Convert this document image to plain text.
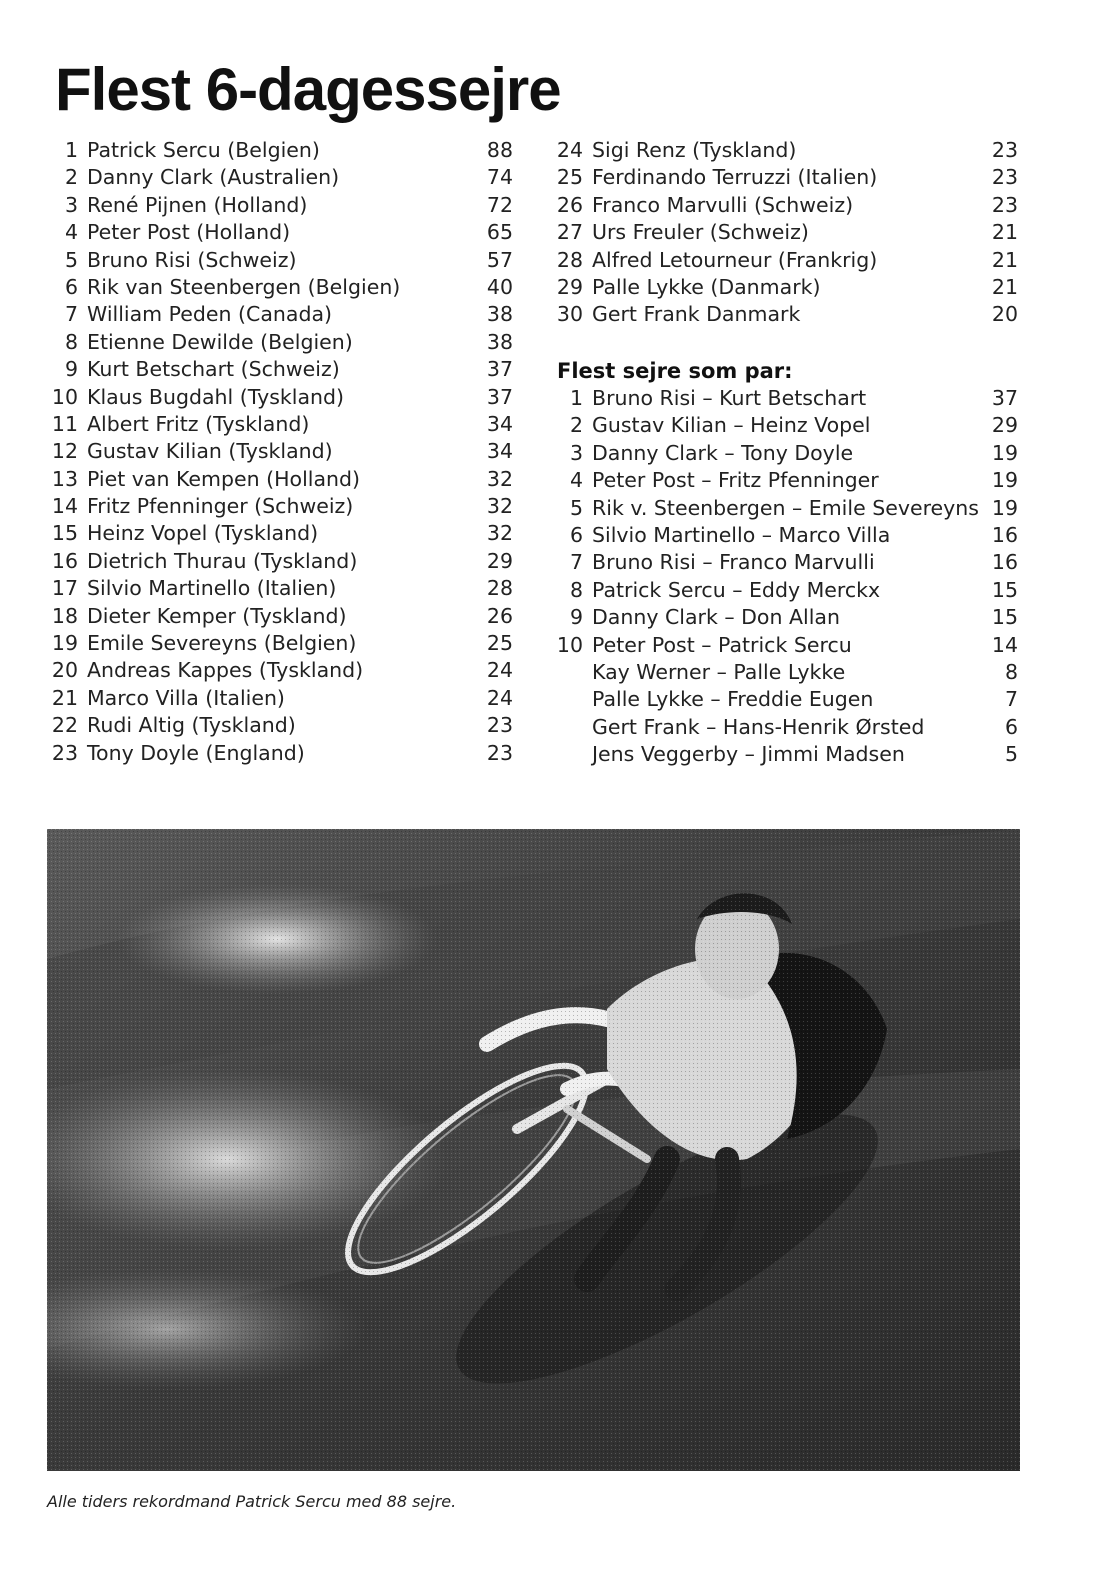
Flest 6-dagessejre
1 Patrick Sercu (Belgien)	88
2 Danny Clark (Australien)	74
3 René Pijnen (Holland)	72
4 Peter Post (Holland)	65
5 Bruno Risi (Schweiz)	57
6 Rik van Steenbergen (Belgien)	40
7 William Peden (Canada)	38
8 Etienne Dewilde (Belgien)	38
9 Kurt Betschart (Schweiz)	37
10 Klaus Bugdahl (Tyskland)	37
11 Albert Fritz (Tyskland)	34
12 Gustav Kilian (Tyskland)	34
13 Piet van Kempen (Holland)	32
14 Fritz Pfenninger (Schweiz)	32
15 Heinz Vopel (Tyskland)	32
16 Dietrich Thurau (Tyskland)	29
17 Silvio Martinello (Italien)	28
18 Dieter Kemper (Tyskland)	26
19 Emile Severeyns (Belgien)	25
20 Andreas Kappes (Tyskland)	24
21 Marco Villa (Italien)	24
22 Rudi Altig (Tyskland)	23
23 Tony Doyle (England)	23
24 Sigi Renz (Tyskland)	23
25 Ferdinando Terruzzi (Italien)	23
26 Franco Marvulli (Schweiz)	23
27 Urs Freuler (Schweiz)	21
28 Alfred Letourneur (Frankrig)	21
29 Palle Lykke (Danmark)	21
30 Gert Frank Danmark	20
Flest sejre som par:
1 Bruno Risi – Kurt Betschart	37
2 Gustav Kilian – Heinz Vopel	29
3 Danny Clark – Tony Doyle	19
4 Peter Post – Fritz Pfenninger	19
5 Rik v. Steenbergen – Emile Severeyns 19
6 Silvio Martinello – Marco Villa	16
7 Bruno Risi – Franco Marvulli	16
8 Patrick Sercu – Eddy Merckx	15
9 Danny Clark – Don Allan	15
10 Peter Post – Patrick Sercu	14
Kay Werner – Palle Lykke	8
Palle Lykke – Freddie Eugen	7
Gert Frank – Hans-Henrik Ørsted	6
Jens Veggerby – Jimmi Madsen	5
Alle tiders rekordmand Patrick Sercu med 88 sejre.
